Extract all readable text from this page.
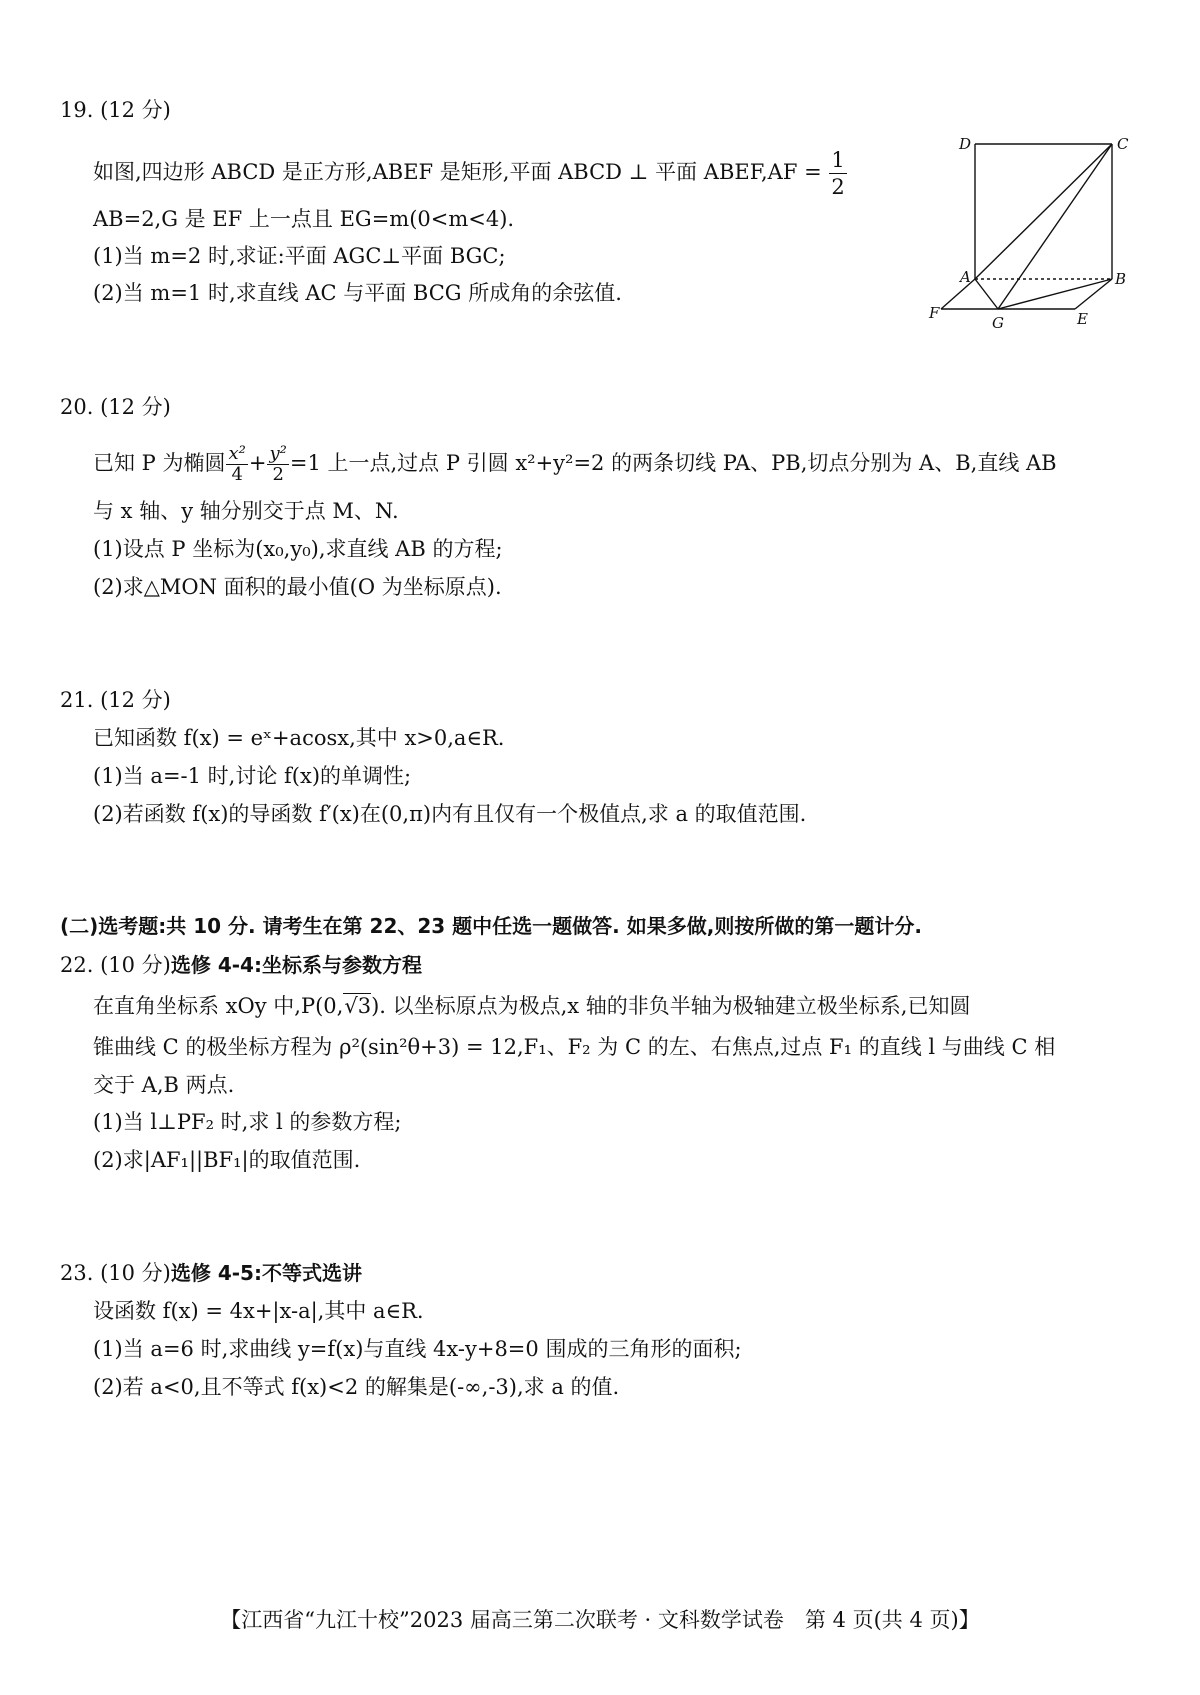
19. (12 分)
如图,四边形 ABCD 是正方形,ABEF 是矩形,平面 ABCD ⊥ 平面 ABEF,AF = $\frac{1}{2}$
AB=2,G 是 EF 上一点且 EG=m(0<m<4).
(1)当 m=2 时,求证:平面 AGC⊥平面 BGC;
(2)当 m=1 时,求直线 AC 与平面 BCG 所成角的余弦值.
D	C
A	B
F
G	E
20. (12 分)
已知 P 为椭圆 $\frac{\text{x²}}{4} + \frac{\text{y²}}{2} =1$ 上一点,过点 P 引圆 x²+y²=2 的两条切线 PA、PB,切点分别为 A、B,直线 AB
与 x 轴、y 轴分别交于点 M、N.
(1)设点 P 坐标为(x₀,y₀),求直线 AB 的方程;
(2)求△MON 面积的最小值(O 为坐标原点).
21. (12 分)
已知函数 f(x) = eˣ+acosx,其中 x>0,a∈R.
(1)当 a=-1 时,讨论 f(x)的单调性;
(2)若函数 f(x)的导函数 f′(x)在(0,π)内有且仅有一个极值点,求 a 的取值范围.
(二)选考题:共 10 分. 请考生在第 22、23 题中任选一题做答. 如果多做,则按所做的第一题计分.
22. (10 分)选修 4-4:坐标系与参数方程
在直角坐标系 xOy 中,P(0,√3). 以坐标原点为极点,x 轴的非负半轴为极轴建立极坐标系,已知圆
锥曲线 C 的极坐标方程为 ρ²(sin²θ+3) = 12,F₁、F₂ 为 C 的左、右焦点,过点 F₁ 的直线 l 与曲线 C 相
交于 A,B 两点.
(1)当 l⊥PF₂ 时,求 l 的参数方程;
(2)求|AF₁||BF₁|的取值范围.
23. (10 分)选修 4-5:不等式选讲
设函数 f(x) = 4x+|x-a|,其中 a∈R.
(1)当 a=6 时,求曲线 y=f(x)与直线 4x-y+8=0 围成的三角形的面积;
(2)若 a<0,且不等式 f(x)<2 的解集是(-∞,-3),求 a 的值.
【江西省“九江十校”2023 届高三第二次联考 · 文科数学试卷　第 4 页(共 4 页)】
